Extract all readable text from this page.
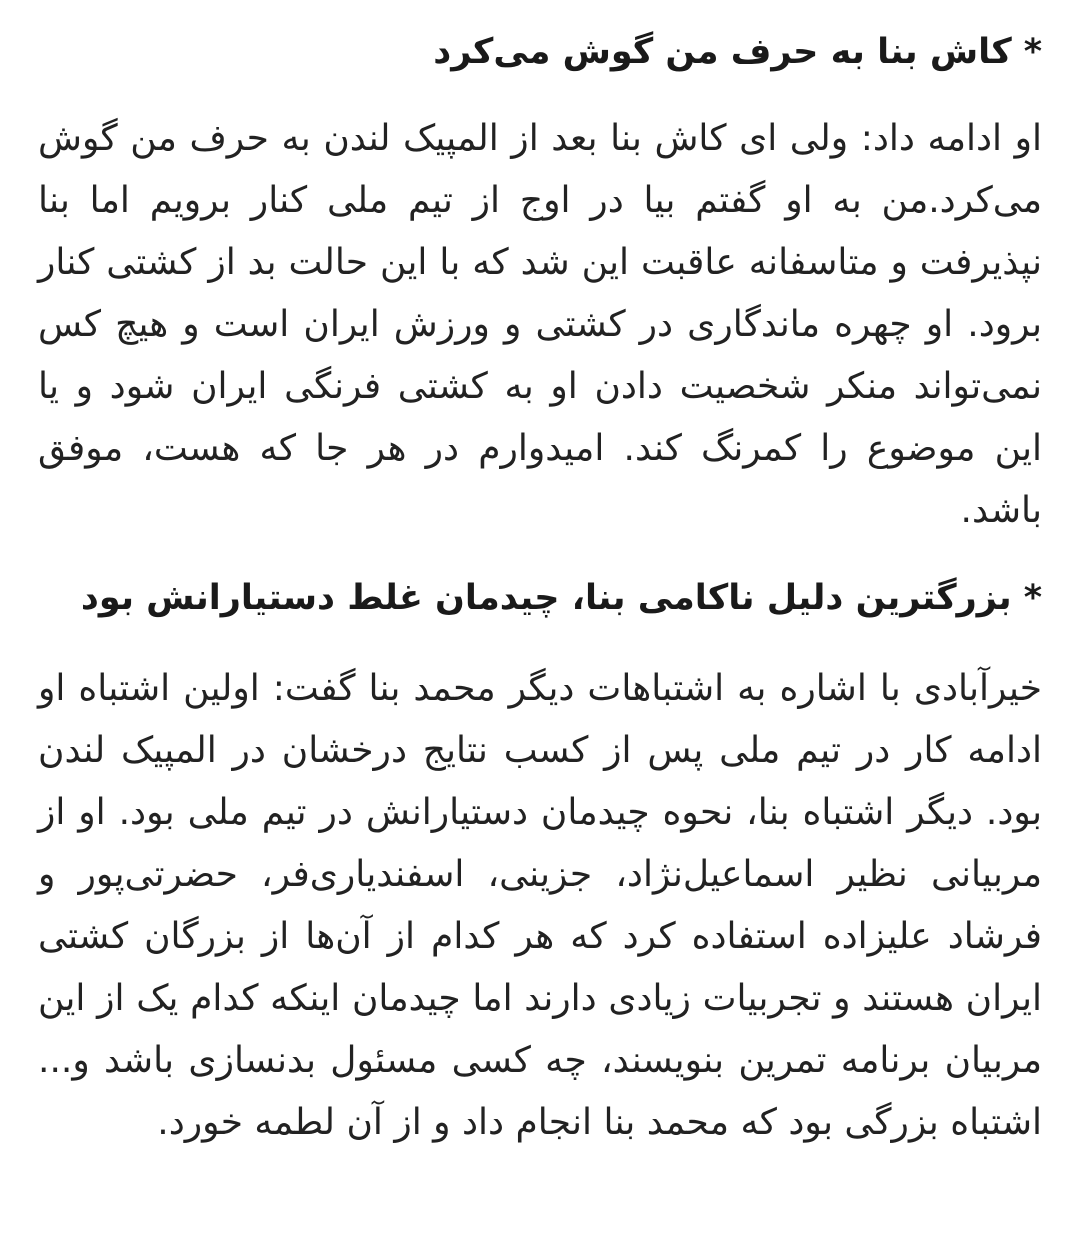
*کاش بنا به حرف من گوش می‌کرد

او ادامه داد: ولی ای کاش بنا بعد از المپیک لندن به حرف من گوش می‌کرد.من به او گفتم بیا در اوج از تیم ملی کنار برویم اما بنا نپذیرفت و متاسفانه عاقبت این شد که با این حالت بد از کشتی کنار برود. او چهره ماندگاری در کشتی و ورزش ایران است و هیچ کس نمی‌تواند منکر شخصیت دادن او به کشتی فرنگی ایران شود و یا این موضوع را کمرنگ کند. امیدوارم در هر جا که هست، موفق باشد.

*بزرگترین دلیل ناکامی بنا، چیدمان غلط دستیارانش بود

خیرآبادی با اشاره به اشتباهات دیگر محمد بنا گفت: اولین اشتباه او ادامه کار در تیم ملی پس از کسب نتایج درخشان در المپیک لندن بود. دیگر اشتباه بنا، نحوه چیدمان دستیارانش در تیم ملی بود. او از مربیانی نظیر اسماعیل‌نژاد، جزینی، اسفندیاری‌فر، حضرتی‌پور و فرشاد علیزاده استفاده کرد که هر کدام از آن‌ها از بزرگان کشتی ایران هستند و تجربیات زیادی دارند اما چیدمان اینکه کدام یک از این مربیان برنامه تمرین بنویسند، چه کسی مسئول بدنسازی باشد و... اشتباه بزرگی بود که محمد بنا انجام داد و از آن لطمه خورد.
